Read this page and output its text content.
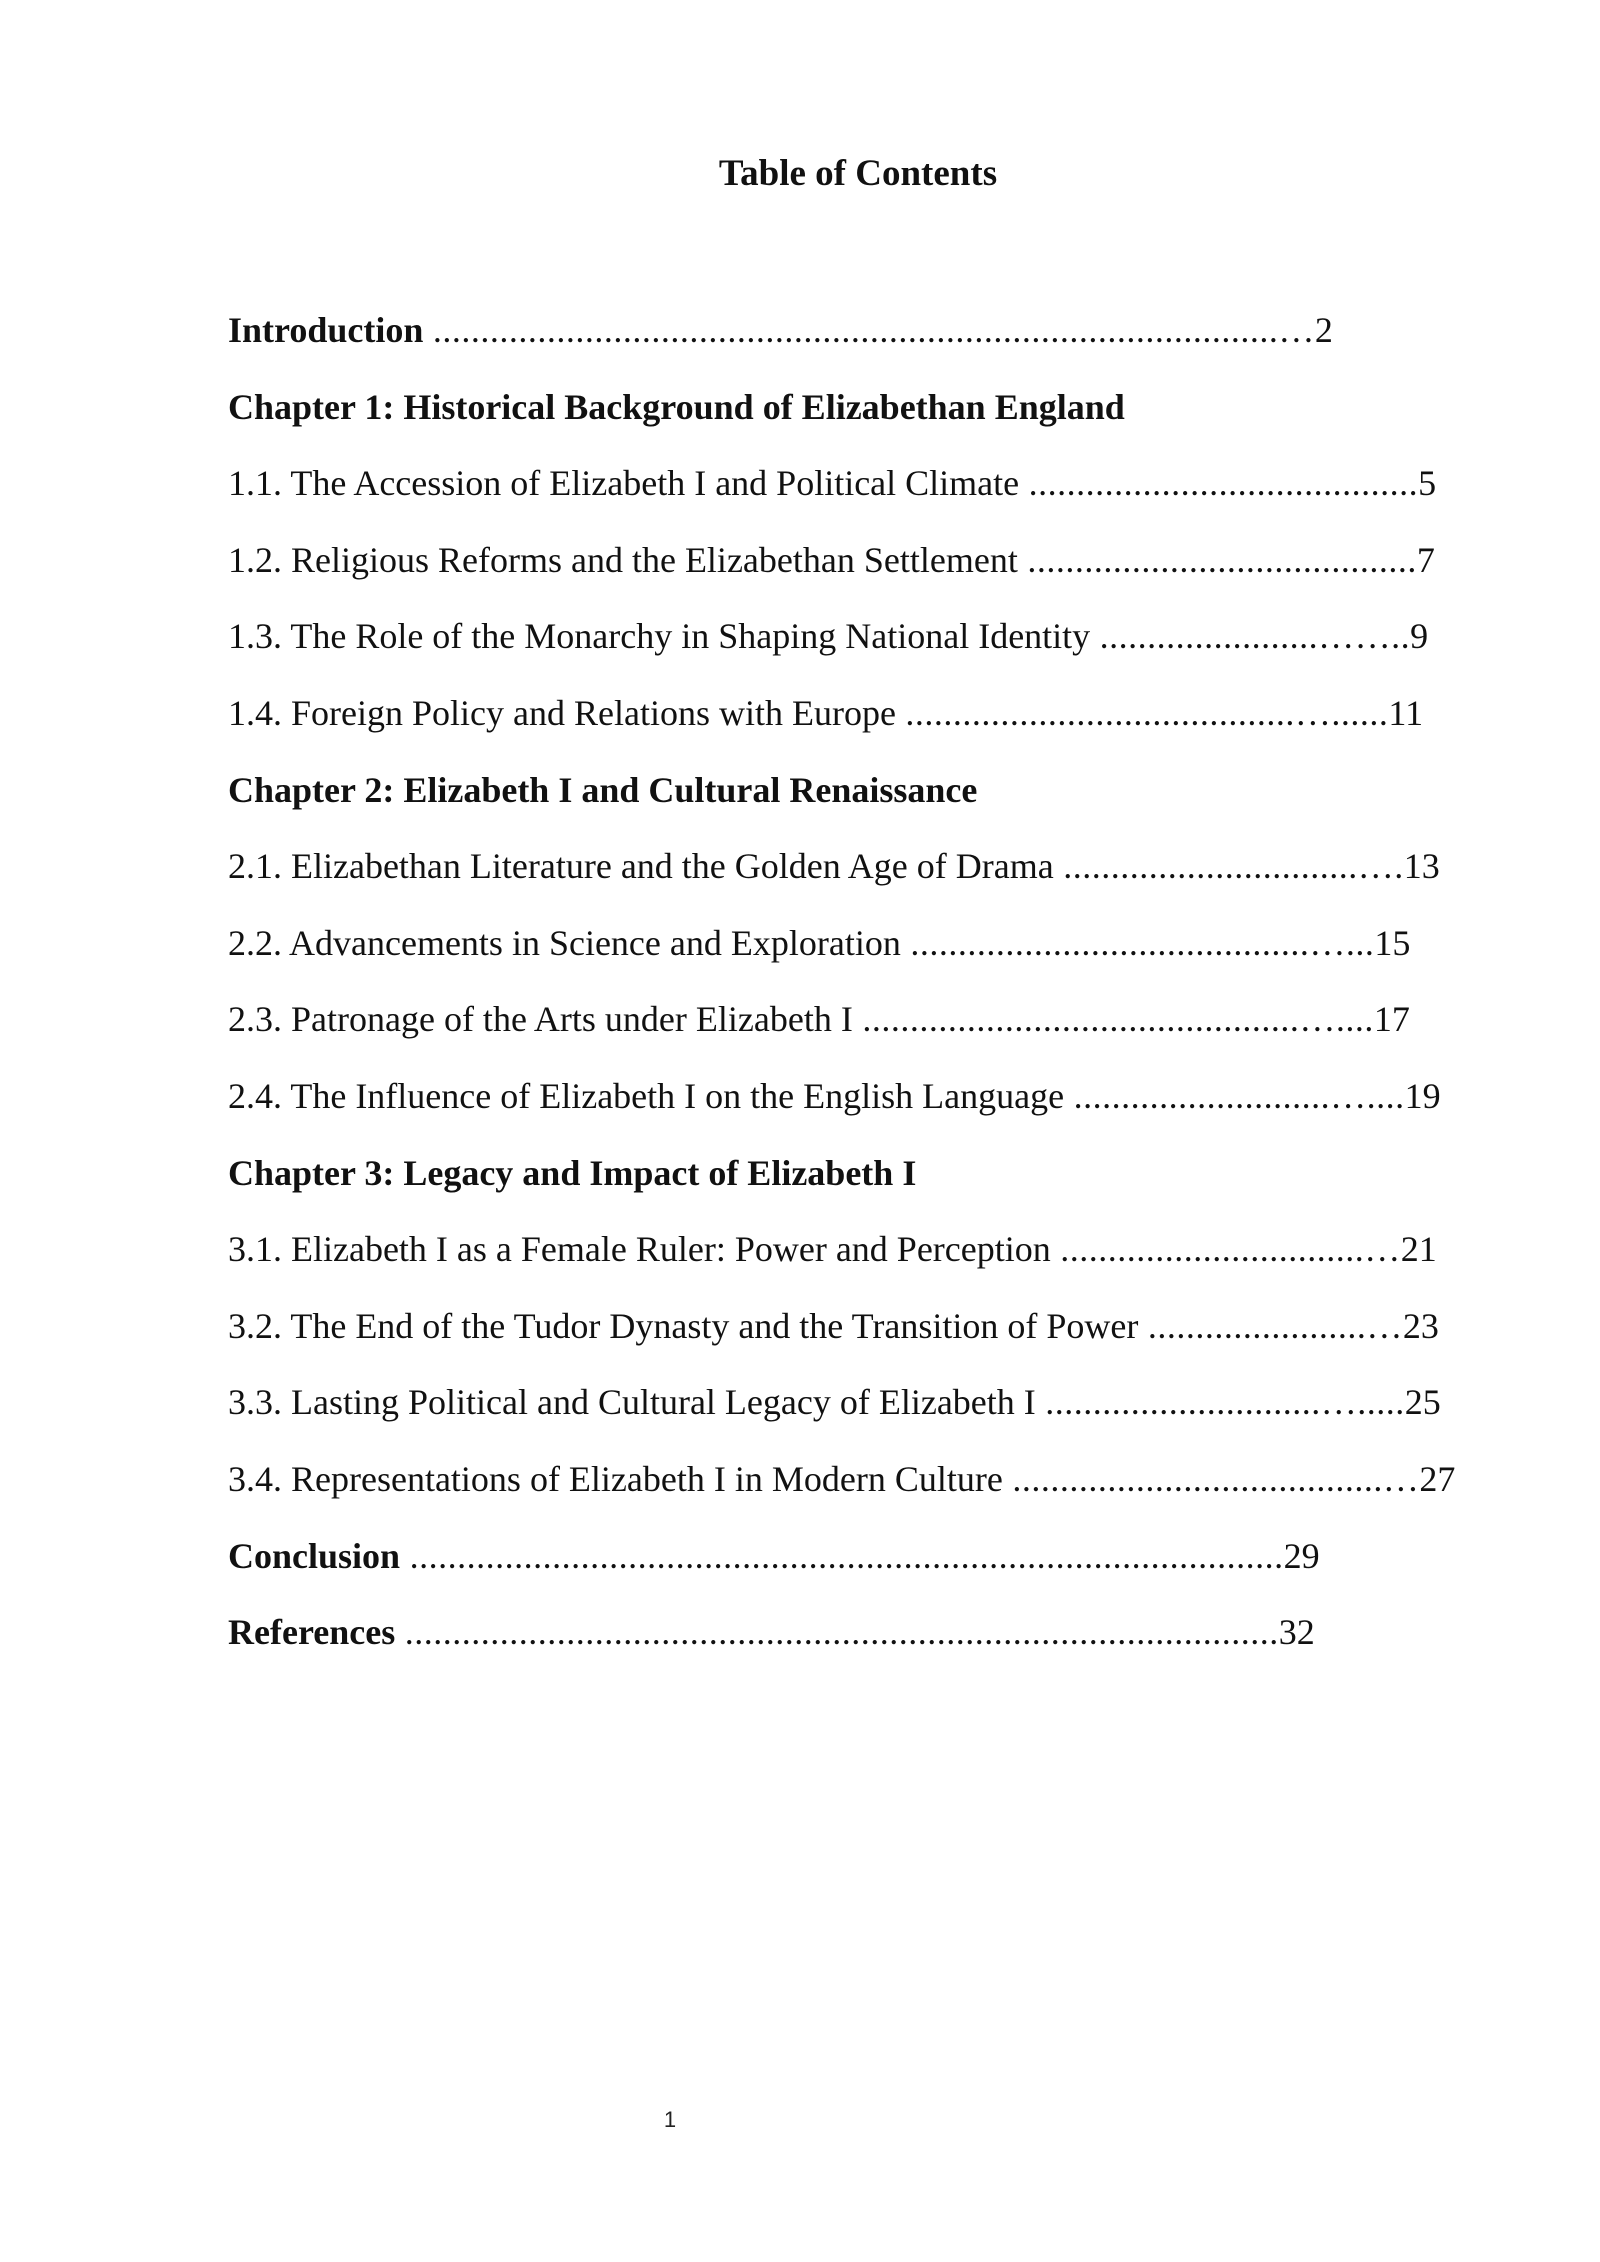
Table of Contents
Introduction .........................................................................................…2
Chapter 1: Historical Background of Elizabethan England
1.1. The Accession of Elizabeth I and Political Climate .........................................5
1.2. Religious Reforms and the Elizabethan Settlement .........................................7
1.3. The Role of the Monarchy in Shaping National Identity .......................……..9
1.4. Foreign Policy and Relations with Europe .........................................…......11
Chapter 2: Elizabeth I and Cultural Renaissance
2.1. Elizabethan Literature and the Golden Age of Drama ...............................….13
2.2. Advancements in Science and Exploration ..........................................…...15
2.3. Patronage of the Arts under Elizabeth I ..............................................…....17
2.4. The Influence of Elizabeth I on the English Language ...........................…....19
Chapter 3: Legacy and Impact of Elizabeth I
3.1. Elizabeth I as a Female Ruler: Power and Perception ................................…21
3.2. The End of the Tudor Dynasty and the Transition of Power .......................…23
3.3. Lasting Political and Cultural Legacy of Elizabeth I .............................….....25
3.4. Representations of Elizabeth I in Modern Culture .......................................…27
Conclusion ............................................................................................29
References ............................................................................................32
1
